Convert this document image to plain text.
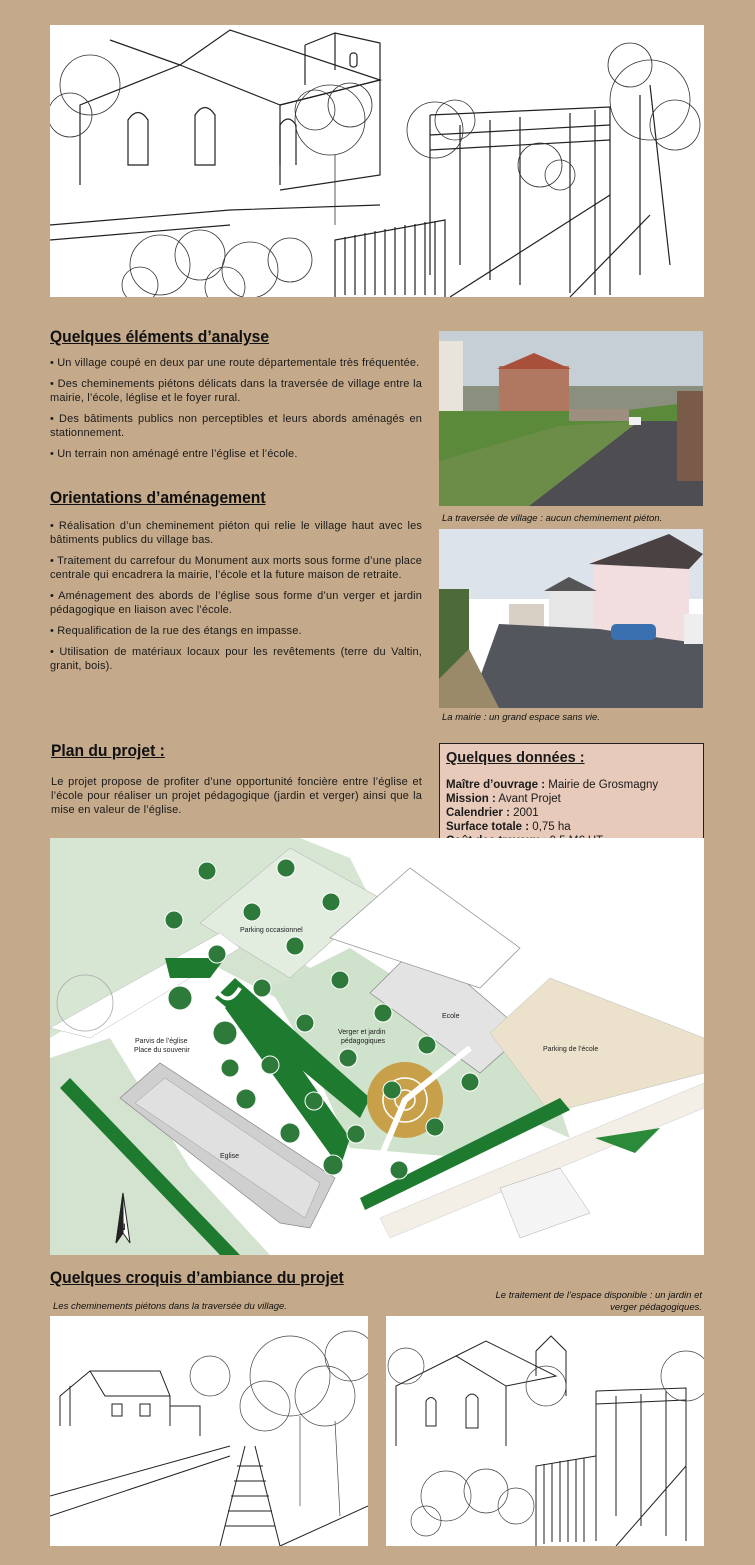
Quelques éléments d’analyse

• Un village coupé en deux par une route départementale très fréquentée.

• Des cheminements piétons délicats dans la traversée de village entre la mairie, l’école, léglise et le foyer rural.

• Des bâtiments publics non perceptibles et leurs abords aménagés en stationnement.

• Un terrain non aménagé entre l’église et l’école.

Orientations d’aménagement

• Réalisation d’un cheminement piéton qui relie le village haut avec les bâtiments publics du village bas.

• Traitement du carrefour du Monument aux morts sous forme d’une place centrale qui encadrera la mairie, l’école et la future maison de retraite.

• Aménagement des abords de l’église sous forme d’un verger et jardin pédagogique en liaison avec l’école.

• Requalification de la rue des étangs en impasse.

• Utilisation de matériaux locaux pour les revêtements (terre du Valtin, granit, bois).

La traversée de village : aucun cheminement piéton.
La mairie : un grand espace sans vie.
Plan du projet :

Le projet propose de profiter d’une opportunité foncière entre l’église et l’école pour réaliser un projet pédagogique (jardin et verger) ainsi que la mise en valeur de l’église.

Quelques données :
Maître d’ouvrage : Mairie de Grosmagny
Mission : Avant Projet
Calendrier : 2001
Surface totale : 0,75 ha
Parking occasionnel
Parvis de l’église
Place du souvenir
Verger et jardin
pédagogiques
Ecole
Parking de l’école
Eglise
N
Quelques croquis d’ambiance du projet
Les cheminements piétons dans la traversée du village.
Le traitement de l’espace disponible : un jardin et
verger pédagogiques.
